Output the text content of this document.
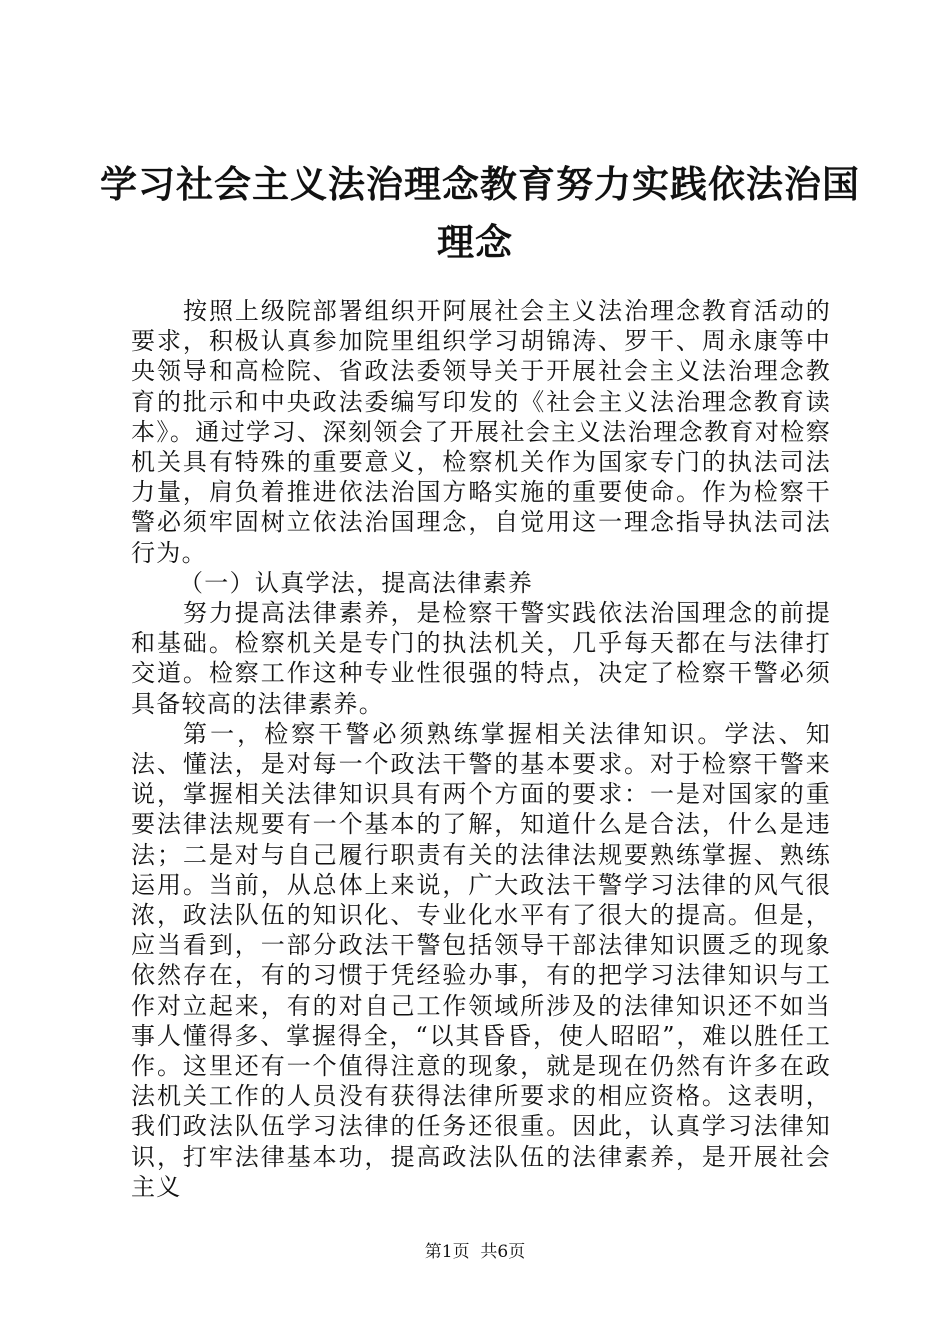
学习社会主义法治理念教育努力实践依法治国
理念

按照上级院部署组织开阿展社会主义法治理念教育活动的要求，积极认真参加院里组织学习胡锦涛、罗干、周永康等中央领导和高检院、省政法委领导关于开展社会主义法治理念教育的批示和中央政法委编写印发的《社会主义法治理念教育读本》。通过学习、深刻领会了开展社会主义法治理念教育对检察机关具有特殊的重要意义，检察机关作为国家专门的执法司法力量，肩负着推进依法治国方略实施的重要使命。作为检察干警必须牢固树立依法治国理念，自觉用这一理念指导执法司法行为。

（一）认真学法，提高法律素养

努力提高法律素养，是检察干警实践依法治国理念的前提和基础。检察机关是专门的执法机关，几乎每天都在与法律打交道。检察工作这种专业性很强的特点，决定了检察干警必须具备较高的法律素养。

第一，检察干警必须熟练掌握相关法律知识。学法、知法、懂法，是对每一个政法干警的基本要求。对于检察干警来说，掌握相关法律知识具有两个方面的要求：一是对国家的重要法律法规要有一个基本的了解，知道什么是合法，什么是违法；二是对与自己履行职责有关的法律法规要熟练掌握、熟练运用。当前，从总体上来说，广大政法干警学习法律的风气很浓，政法队伍的知识化、专业化水平有了很大的提高。但是，应当看到，一部分政法干警包括领导干部法律知识匮乏的现象依然存在，有的习惯于凭经验办事，有的把学习法律知识与工作对立起来，有的对自己工作领域所涉及的法律知识还不如当事人懂得多、掌握得全，“以其昏昏，使人昭昭”，难以胜任工作。这里还有一个值得注意的现象，就是现在仍然有许多在政法机关工作的人员没有获得法律所要求的相应资格。这表明，我们政法队伍学习法律的任务还很重。因此，认真学习法律知识，打牢法律基本功，提高政法队伍的法律素养，是开展社会主义

第1页  共6页
